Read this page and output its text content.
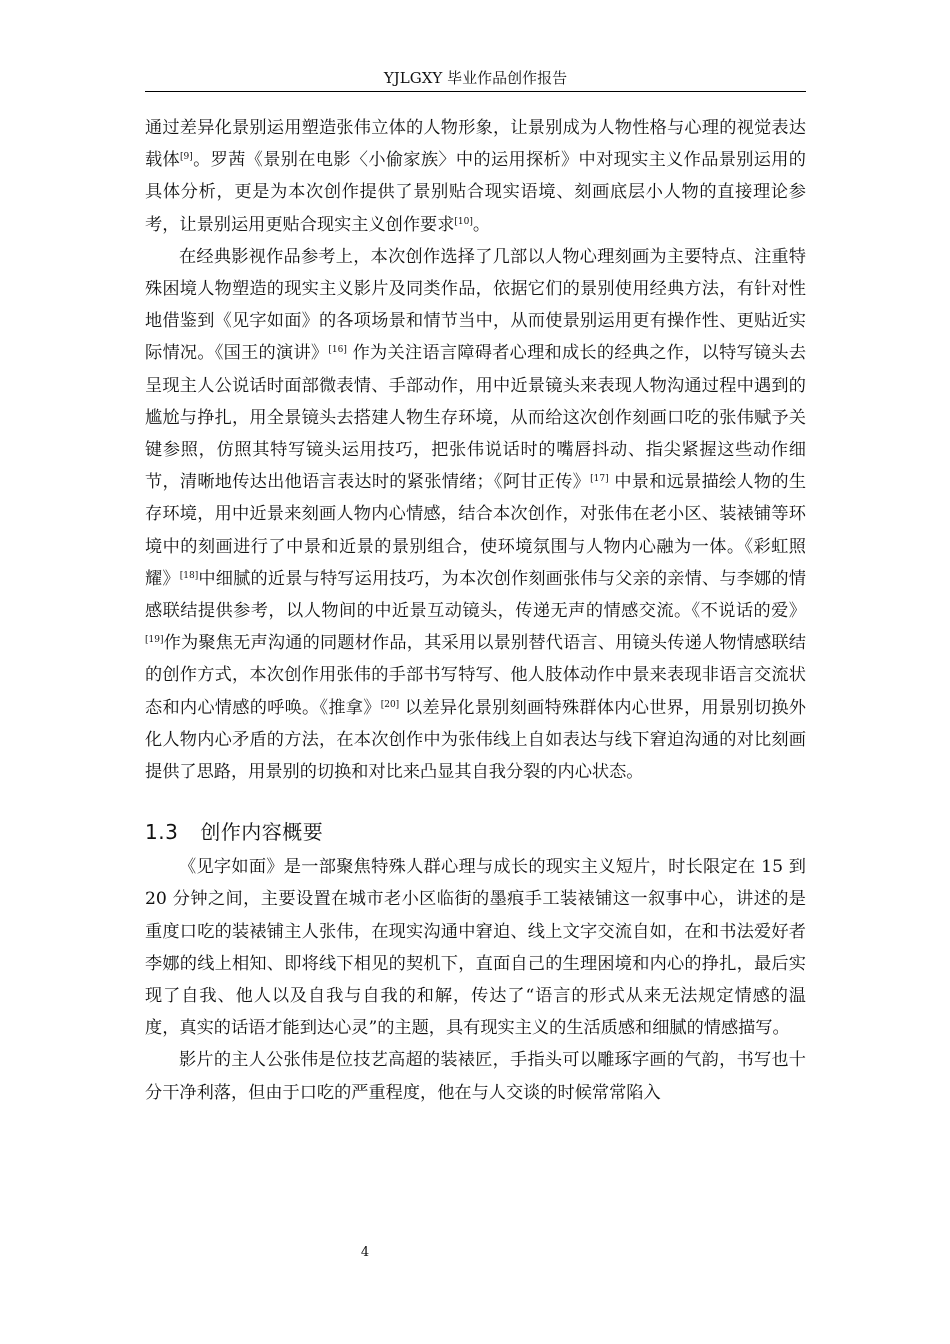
YJLGXY 毕业作品创作报告

通过差异化景别运用塑造张伟立体的人物形象，让景别成为人物性格与心理的视觉表达载体[9]。罗茜《景别在电影〈小偷家族〉中的运用探析》中对现实主义作品景别运用的具体分析，更是为本次创作提供了景别贴合现实语境、刻画底层小人物的直接理论参考，让景别运用更贴合现实主义创作要求[10]。

在经典影视作品参考上，本次创作选择了几部以人物心理刻画为主要特点、注重特殊困境人物塑造的现实主义影片及同类作品，依据它们的景别使用经典方法，有针对性地借鉴到《见字如面》的各项场景和情节当中，从而使景别运用更有操作性、更贴近实际情况。《国王的演讲》[16] 作为关注语言障碍者心理和成长的经典之作，以特写镜头去呈现主人公说话时面部微表情、手部动作，用中近景镜头来表现人物沟通过程中遇到的尴尬与挣扎，用全景镜头去搭建人物生存环境，从而给这次创作刻画口吃的张伟赋予关键参照，仿照其特写镜头运用技巧，把张伟说话时的嘴唇抖动、指尖紧握这些动作细节，清晰地传达出他语言表达时的紧张情绪；《阿甘正传》[17] 中景和远景描绘人物的生存环境，用中近景来刻画人物内心情感，结合本次创作，对张伟在老小区、装裱铺等环境中的刻画进行了中景和近景的景别组合，使环境氛围与人物内心融为一体。《彩虹照耀》[18]中细腻的近景与特写运用技巧，为本次创作刻画张伟与父亲的亲情、与李娜的情感联结提供参考，以人物间的中近景互动镜头，传递无声的情感交流。《不说话的爱》[19]作为聚焦无声沟通的同题材作品，其采用以景别替代语言、用镜头传递人物情感联结的创作方式，本次创作用张伟的手部书写特写、他人肢体动作中景来表现非语言交流状态和内心情感的呼唤。《推拿》[20] 以差异化景别刻画特殊群体内心世界，用景别切换外化人物内心矛盾的方法，在本次创作中为张伟线上自如表达与线下窘迫沟通的对比刻画提供了思路，用景别的切换和对比来凸显其自我分裂的内心状态。

1.3 创作内容概要

《见字如面》是一部聚焦特殊人群心理与成长的现实主义短片，时长限定在 15 到 20 分钟之间，主要设置在城市老小区临街的墨痕手工装裱铺这一叙事中心，讲述的是重度口吃的装裱铺主人张伟，在现实沟通中窘迫、线上文字交流自如，在和书法爱好者李娜的线上相知、即将线下相见的契机下，直面自己的生理困境和内心的挣扎，最后实现了自我、他人以及自我与自我的和解，传达了“语言的形式从来无法规定情感的温度，真实的话语才能到达心灵”的主题，具有现实主义的生活质感和细腻的情感描写。

影片的主人公张伟是位技艺高超的装裱匠，手指头可以雕琢字画的气韵，书写也十分干净利落，但由于口吃的严重程度，他在与人交谈的时候常常陷入

4
